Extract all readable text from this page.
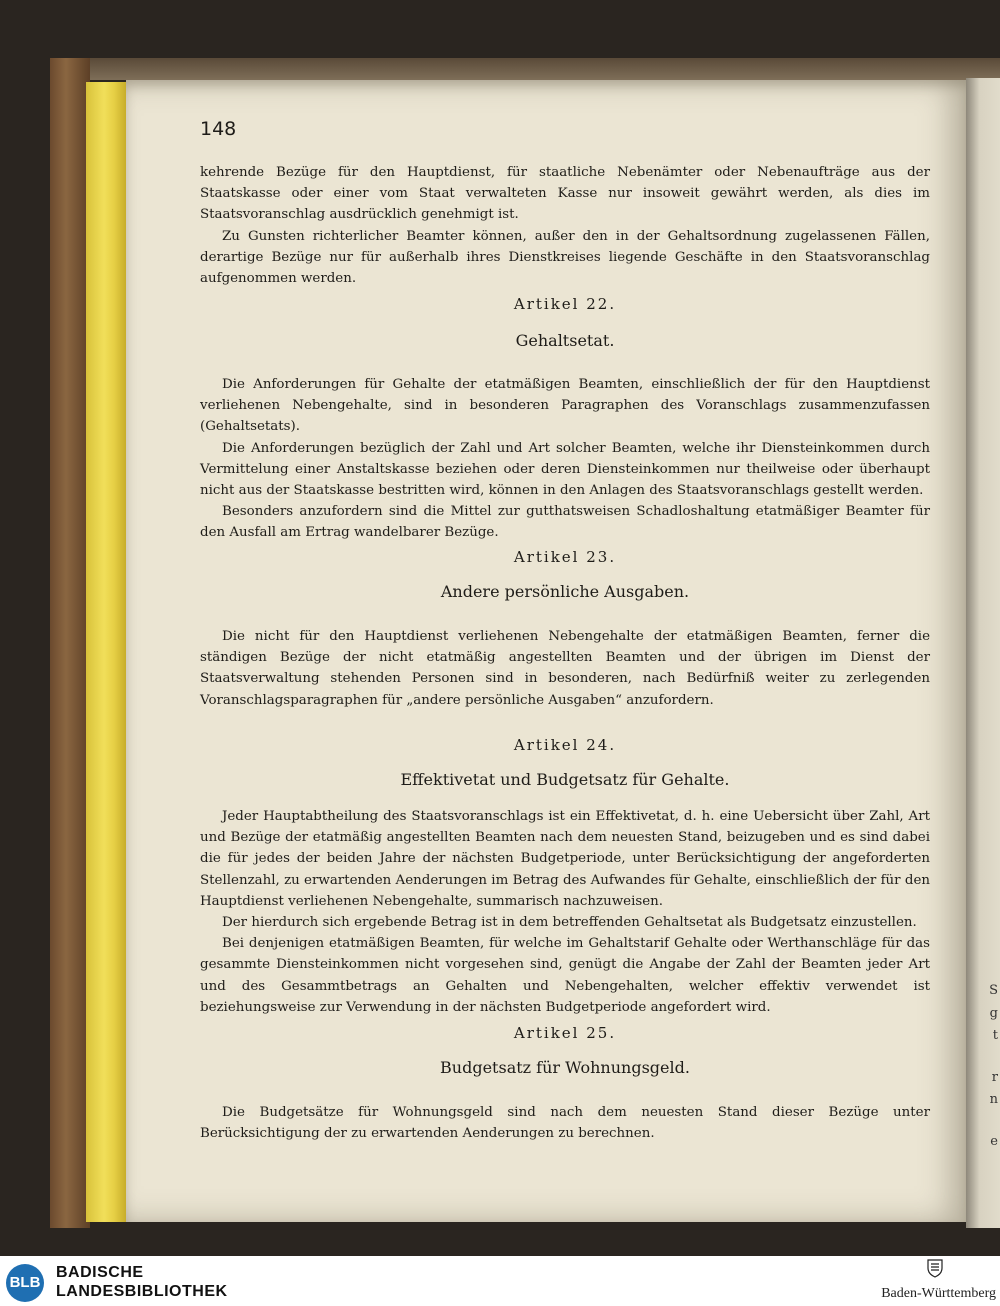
S
g
t
r
n
e
148

kehrende Bezüge für den Hauptdienst, für staatliche Nebenämter oder Nebenaufträge aus der Staatskasse oder einer vom Staat verwalteten Kasse nur insoweit gewährt werden, als dies im Staatsvoranschlag ausdrücklich genehmigt ist.

Zu Gunsten richterlicher Beamter können, außer den in der Gehaltsordnung zugelassenen Fällen, derartige Bezüge nur für außerhalb ihres Dienstkreises liegende Geschäfte in den Staatsvoranschlag aufgenommen werden.

Artikel 22.

Gehaltsetat.

Die Anforderungen für Gehalte der etatmäßigen Beamten, einschließlich der für den Hauptdienst verliehenen Nebengehalte, sind in besonderen Paragraphen des Voranschlags zusammenzufassen (Gehaltsetats).

Die Anforderungen bezüglich der Zahl und Art solcher Beamten, welche ihr Diensteinkommen durch Vermittelung einer Anstaltskasse beziehen oder deren Diensteinkommen nur theilweise oder überhaupt nicht aus der Staatskasse bestritten wird, können in den Anlagen des Staatsvoranschlags gestellt werden.

Besonders anzufordern sind die Mittel zur gutthatsweisen Schadloshaltung etatmäßiger Beamter für den Ausfall am Ertrag wandelbarer Bezüge.

Artikel 23.

Andere persönliche Ausgaben.

Die nicht für den Hauptdienst verliehenen Nebengehalte der etatmäßigen Beamten, ferner die ständigen Bezüge der nicht etatmäßig angestellten Beamten und der übrigen im Dienst der Staatsverwaltung stehenden Personen sind in besonderen, nach Bedürfniß weiter zu zerlegenden Voranschlagsparagraphen für „andere persönliche Ausgaben“ anzufordern.

Artikel 24.

Effektivetat und Budgetsatz für Gehalte.

Jeder Hauptabtheilung des Staatsvoranschlags ist ein Effektivetat, d. h. eine Uebersicht über Zahl, Art und Bezüge der etatmäßig angestellten Beamten nach dem neuesten Stand, beizugeben und es sind dabei die für jedes der beiden Jahre der nächsten Budgetperiode, unter Berücksichtigung der angeforderten Stellenzahl, zu erwartenden Aenderungen im Betrag des Aufwandes für Gehalte, einschließlich der für den Hauptdienst verliehenen Nebengehalte, summarisch nachzuweisen.

Der hierdurch sich ergebende Betrag ist in dem betreffenden Gehaltsetat als Budgetsatz einzustellen.

Bei denjenigen etatmäßigen Beamten, für welche im Gehaltstarif Gehalte oder Werthanschläge für das gesammte Diensteinkommen nicht vorgesehen sind, genügt die Angabe der Zahl der Beamten jeder Art und des Gesammtbetrags an Gehalten und Nebengehalten, welcher effektiv verwendet ist beziehungsweise zur Verwendung in der nächsten Budgetperiode angefordert wird.

Artikel 25.

Budgetsatz für Wohnungsgeld.

Die Budgetsätze für Wohnungsgeld sind nach dem neuesten Stand dieser Bezüge unter Berücksichtigung der zu erwartenden Aenderungen zu berechnen.

BLB
BADISCHE
LANDESBIBLIOTHEK	Baden-Württemberg
